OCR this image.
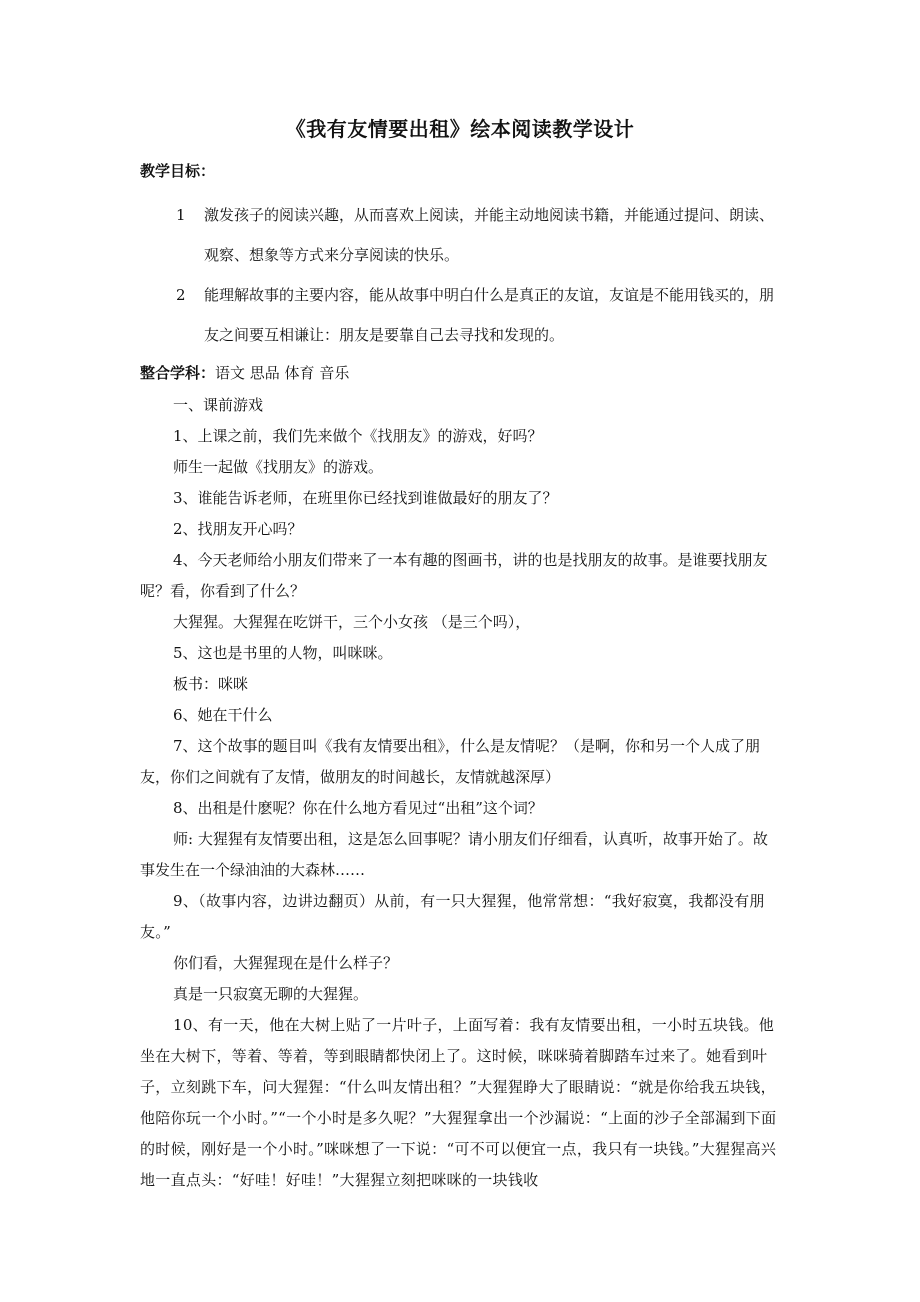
《我有友情要出租》绘本阅读教学设计
教学目标：
1 激发孩子的阅读兴趣，从而喜欢上阅读，并能主动地阅读书籍，并能通过提问、朗读、观察、想象等方式来分享阅读的快乐。
2 能理解故事的主要内容，能从故事中明白什么是真正的友谊，友谊是不能用钱买的，朋友之间要互相谦让：朋友是要靠自己去寻找和发现的。
整合学科：语文 思品 体育 音乐
一、课前游戏
1、上课之前，我们先来做个《找朋友》的游戏，好吗？
师生一起做《找朋友》的游戏。
3、谁能告诉老师，在班里你已经找到谁做最好的朋友了？
2、找朋友开心吗？
4、今天老师给小朋友们带来了一本有趣的图画书，讲的也是找朋友的故事。是谁要找朋友呢？看，你看到了什么？
大猩猩。大猩猩在吃饼干，三个小女孩 （是三个吗），
5、这也是书里的人物，叫咪咪。
板书：咪咪
6、她在干什么
7、这个故事的题目叫《我有友情要出租》，什么是友情呢？（是啊，你和另一个人成了朋友，你们之间就有了友情，做朋友的时间越长，友情就越深厚）
8、出租是什麽呢？你在什么地方看见过“出租”这个词？
师: 大猩猩有友情要出租，这是怎么回事呢？请小朋友们仔细看，认真听，故事开始了。故事发生在一个绿油油的大森林……
9、（故事内容，边讲边翻页）从前，有一只大猩猩，他常常想：“我好寂寞，我都没有朋友。”
你们看，大猩猩现在是什么样子？
真是一只寂寞无聊的大猩猩。
10、有一天，他在大树上贴了一片叶子，上面写着：我有友情要出租，一小时五块钱。他坐在大树下，等着、等着，等到眼睛都快闭上了。这时候，咪咪骑着脚踏车过来了。她看到叶子，立刻跳下车，问大猩猩：“什么叫友情出租？”大猩猩睁大了眼睛说：“就是你给我五块钱，他陪你玩一个小时。”“一个小时是多久呢？”大猩猩拿出一个沙漏说：“上面的沙子全部漏到下面的时候，刚好是一个小时。”咪咪想了一下说：“可不可以便宜一点，我只有一块钱。”大猩猩高兴地一直点头：“好哇！好哇！”大猩猩立刻把咪咪的一块钱收
